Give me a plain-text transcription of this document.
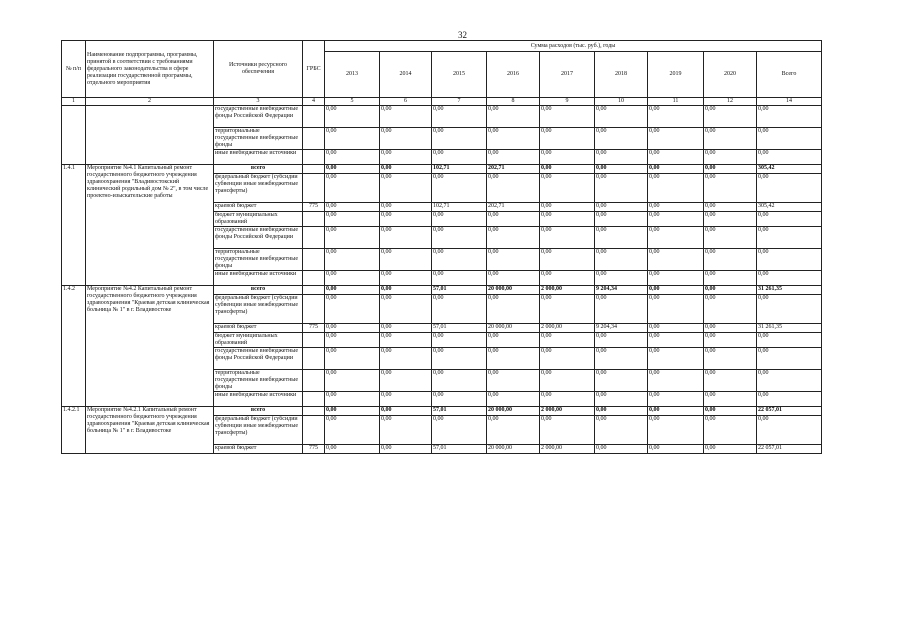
32
№ п/п	Наименование подпрограммы, программы, принятой в соответствии с требованиями федерального законодательства в сфере реализации государственной программы, отдельного мероприятия	Источники ресурсного обеспечения	ГРБС	Сумма расходов (тыс. руб.), годы								
				2013	2014	2015	2016	2017	2018	2019	2020	Всего
1	2	3	4	5	6	7	8	9	10	11	12	14
		государственные внебюджетные фонды Российской Федерации		0,00	0,00	0,00	0,00	0,00	0,00	0,00	0,00	0,00
		территориальные государственные внебюджетные фонды		0,00	0,00	0,00	0,00	0,00	0,00	0,00	0,00	0,00
		иные внебюджетные источники		0,00	0,00	0,00	0,00	0,00	0,00	0,00	0,00	0,00
1.4.1	Мероприятие №4.1 Капитальный ремонт государственного бюджетного учреждения здравоохранения "Владивостокский клинический родильный дом № 2", в том числе проектно-изыскательские работы	всего		0,00	0,00	102,71	202,71	0,00	0,00	0,00	0,00	305,42
		федеральный бюджет (субсидии субвенции иные межбюджетные трансферты)		0,00	0,00	0,00	0,00	0,00	0,00	0,00	0,00	0,00
		краевой бюджет	775	0,00	0,00	102,71	202,71	0,00	0,00	0,00	0,00	305,42
		бюджет муниципальных образований		0,00	0,00	0,00	0,00	0,00	0,00	0,00	0,00	0,00
		государственные внебюджетные фонды Российской Федерации		0,00	0,00	0,00	0,00	0,00	0,00	0,00	0,00	0,00
		территориальные государственные внебюджетные фонды		0,00	0,00	0,00	0,00	0,00	0,00	0,00	0,00	0,00
		иные внебюджетные источники		0,00	0,00	0,00	0,00	0,00	0,00	0,00	0,00	0,00
1.4.2	Мероприятие №4.2 Капитальный ремонт государственного бюджетного учреждения здравоохранения "Краевая детская клиническая больница № 1" в г. Владивостоке	всего		0,00	0,00	57,01	20 000,00	2 000,00	9 204,34	0,00	0,00	31 261,35
		федеральный бюджет (субсидии субвенции иные межбюджетные трансферты)		0,00	0,00	0,00	0,00	0,00	0,00	0,00	0,00	0,00
		краевой бюджет	775	0,00	0,00	57,01	20 000,00	2 000,00	9 204,34	0,00	0,00	31 261,35
		бюджет муниципальных образований		0,00	0,00	0,00	0,00	0,00	0,00	0,00	0,00	0,00
		государственные внебюджетные фонды Российской Федерации		0,00	0,00	0,00	0,00	0,00	0,00	0,00	0,00	0,00
		территориальные государственные внебюджетные фонды		0,00	0,00	0,00	0,00	0,00	0,00	0,00	0,00	0,00
		иные внебюджетные источники		0,00	0,00	0,00	0,00	0,00	0,00	0,00	0,00	0,00
1.4.2.1	Мероприятие №4.2.1 Капитальный ремонт государственного бюджетного учреждения здравоохранения "Краевая детская клиническая больница № 1" в г. Владивостоке	всего		0,00	0,00	57,01	20 000,00	2 000,00	0,00	0,00	0,00	22 057,01
		федеральный бюджет (субсидии субвенции иные межбюджетные трансферты)		0,00	0,00	0,00	0,00	0,00	0,00	0,00	0,00	0,00
		краевой бюджет	775	0,00	0,00	57,01	20 000,00	2 000,00	0,00	0,00	0,00	22 057,01
